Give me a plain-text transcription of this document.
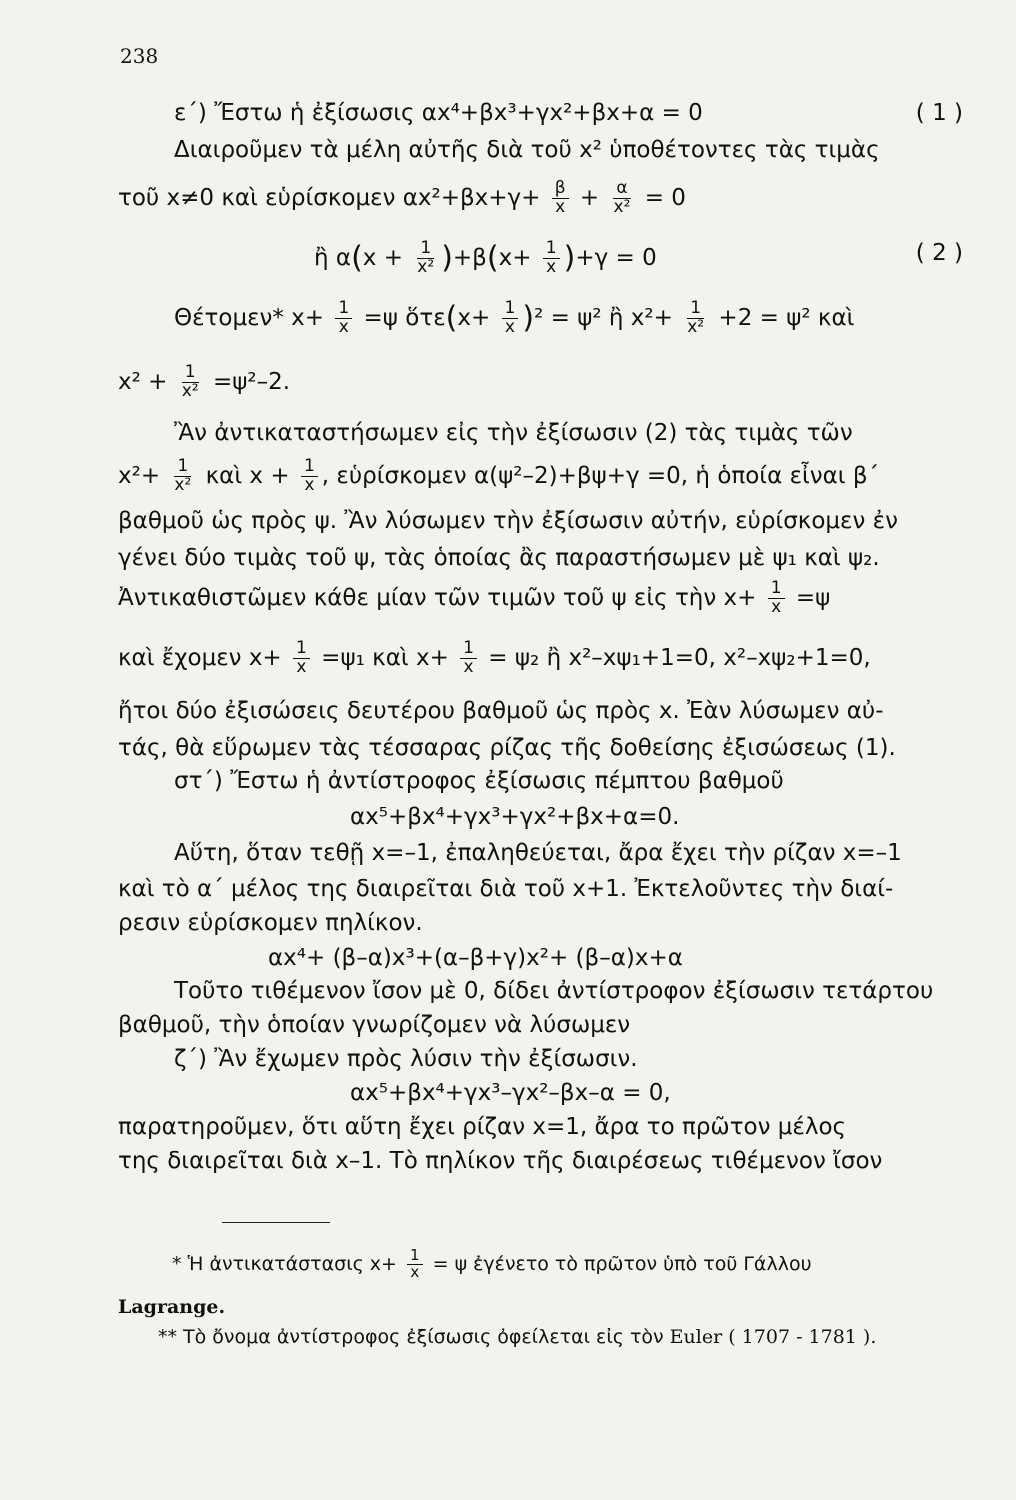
238
ε΄) Ἔστω ἡ ἐξίσωσις αx⁴+βx³+γx²+βx+α = 0	( 1 )
Διαιροῦμεν τὰ μέλη αὐτῆς διὰ τοῦ x² ὑποθέτοντες τὰς τιμὰς
τοῦ x≠0 καὶ εὑρίσκομεν $\alpha x^2+\beta x+\gamma+ \frac{\beta}{x} + \frac{\alpha}{\text{x²}} = 0$
ἢ $\alpha(x + \frac{1}{\text{x²}} )+\beta(x+ \frac{1}{x} )+\gamma = 0$	( 2 )
Θέτομεν* $x+ \frac{1}{x} =\psi$ ὅτε(x+ $\frac{1}{x} )^2 = \psi^2$ ἢ $x^2+ \frac{1}{\text{x²}} +2 = \psi^2$ καὶ
$x^2 + \frac{1}{\text{x²}} =\psi^2-2$.
Ἂν ἀντικαταστήσωμεν εἰς τὴν ἐξίσωσιν (2) τὰς τιμὰς τῶν
$x^2+ \frac{1}{\text{x²}}$ καὶ $x + \frac{1}{x}$ , εὑρίσκομεν α(ψ²–2)+βψ+γ =0, ἡ ὁποία εἶναι β΄
βαθμοῦ ὡς πρὸς ψ. Ἂν λύσωμεν τὴν ἐξίσωσιν αὐτήν, εὑρίσκομεν ἐν
γένει δύο τιμὰς τοῦ ψ, τὰς ὁποίας ἂς παραστήσωμεν μὲ ψ₁ καὶ ψ₂.
Ἀντικαθιστῶμεν κάθε μίαν τῶν τιμῶν τοῦ ψ εἰς τὴν $x+ \frac{1}{x} =\psi$
καὶ ἔχομεν $x+ \frac{1}{x} =\psi_1$ καὶ $x+ \frac{1}{x} = \psi_2$ ἢ x²–xψ₁+1=0, x²–xψ₂+1=0,
ἤτοι δύο ἐξισώσεις δευτέρου βαθμοῦ ὡς πρὸς x. Ἐὰν λύσωμεν αὐ-
τάς, θὰ εὕρωμεν τὰς τέσσαρας ρίζας τῆς δοθείσης ἐξισώσεως (1).
στ΄) Ἔστω ἡ ἀντίστροφος ἐξίσωσις πέμπτου βαθμοῦ
αx⁵+βx⁴+γx³+γx²+βx+α=0.
Αὕτη, ὅταν τεθῇ x=–1, ἐπαληθεύεται, ἄρα ἔχει τὴν ρίζαν x=–1
καὶ τὸ α΄ μέλος της διαιρεῖται διὰ τοῦ x+1. Ἐκτελοῦντες τὴν διαί-
ρεσιν εὑρίσκομεν πηλίκον.
αx⁴+ (β–α)x³+(α–β+γ)x²+ (β–α)x+α
Τοῦτο τιθέμενον ἴσον μὲ 0, δίδει ἀντίστροφον ἐξίσωσιν τετάρτου
βαθμοῦ, τὴν ὁποίαν γνωρίζομεν νὰ λύσωμεν
ζ΄) Ἂν ἔχωμεν πρὸς λύσιν τὴν ἐξίσωσιν.
αx⁵+βx⁴+γx³–γx²–βx–α = 0,
παρατηροῦμεν, ὅτι αὕτη ἔχει ρίζαν x=1, ἄρα το πρῶτον μέλος
της διαιρεῖται διὰ x–1. Τὸ πηλίκον τῆς διαιρέσεως τιθέμενον ἴσον
* Ἡ ἀντικατάστασις $x+ \frac{1}{x} = \psi$ ἐγένετο τὸ πρῶτον ὑπὸ τοῦ Γάλλου
Lagrange.
** Τὸ ὄνομα ἀντίστροφος ἐξίσωσις ὀφείλεται εἰς τὸν Euler ( 1707 - 1781 ).
